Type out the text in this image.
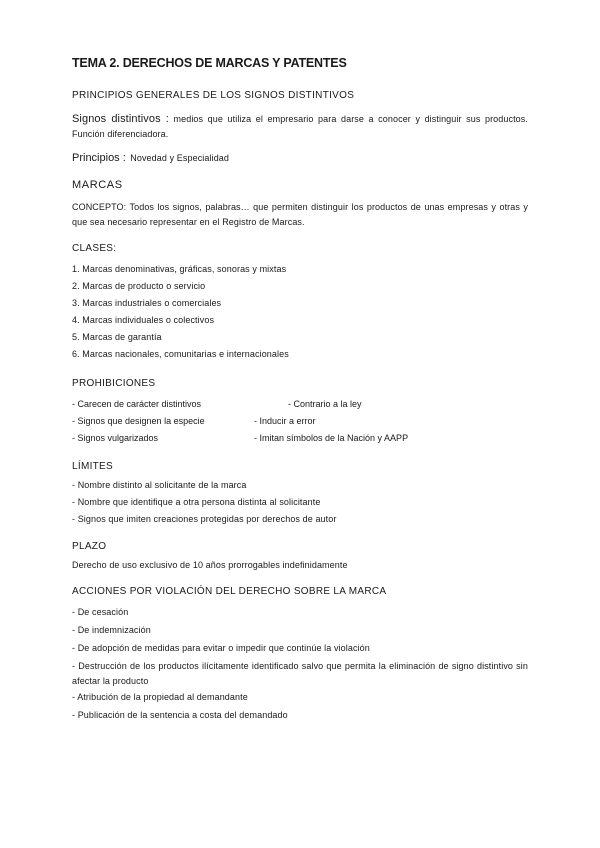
TEMA 2. DERECHOS DE MARCAS Y PATENTES
PRINCIPIOS GENERALES DE LOS SIGNOS DISTINTIVOS
Signos distintivos : medios que utiliza el empresario para darse a conocer y distinguir sus productos. Función diferenciadora.
Principios : Novedad y Especialidad
MARCAS
CONCEPTO: Todos los signos, palabras… que permiten distinguir los productos de unas empresas y otras y que sea necesario representar en el Registro de Marcas.
CLASES:
1. Marcas denominativas, gráficas, sonoras y mixtas
2. Marcas de producto o servicio
3. Marcas industriales o comerciales
4. Marcas individuales o colectivos
5. Marcas de garantía
6. Marcas nacionales, comunitarias e internacionales
PROHIBICIONES
- Carecen de carácter distintivos	- Contrario a la ley
- Signos que designen la especie	- Inducir a error
- Signos vulgarizados	- Imitan símbolos de la Nación y AAPP
LÍMITES
- Nombre distinto al solicitante de la marca
- Nombre que identifique a otra persona distinta al solicitante
- Signos que imiten creaciones protegidas por derechos de autor
PLAZO
Derecho de uso exclusivo de 10 años prorrogables indefinidamente
ACCIONES POR VIOLACIÓN DEL DERECHO SOBRE LA MARCA
- De cesación
- De indemnización
- De adopción de medidas para evitar o impedir que continúe la violación
- Destrucción de los productos ilícitamente identificado salvo que permita la eliminación de signo distintivo sin afectar la producto
- Atribución de la propiedad al demandante
- Publicación de la sentencia a costa del demandado
